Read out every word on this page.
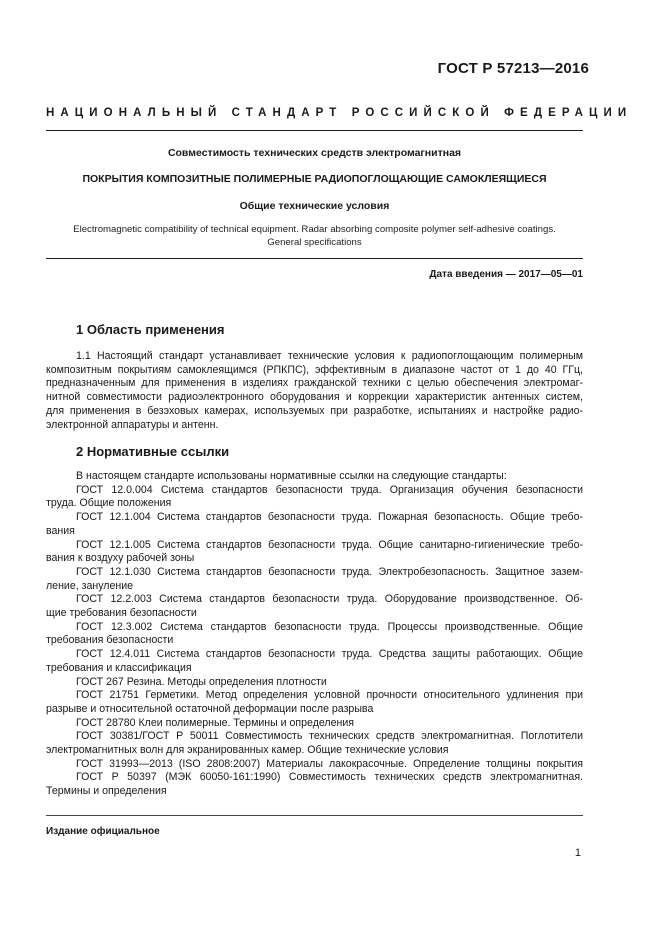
ГОСТ Р 57213—2016
НАЦИОНАЛЬНЫЙ СТАНДАРТ РОССИЙСКОЙ ФЕДЕРАЦИИ
Совместимость технических средств электромагнитная
ПОКРЫТИЯ КОМПОЗИТНЫЕ ПОЛИМЕРНЫЕ РАДИОПОГЛОЩАЮЩИЕ САМОКЛЕЯЩИЕСЯ
Общие технические условия
Electromagnetic compatibility of technical equipment. Radar absorbing composite polymer self-adhesive coatings.
General specifications
Дата введения — 2017—05—01
1 Область применения

1.1 Настоящий стандарт устанавливает технические условия к радиопоглощающим полимерным

композитным покрытиям самоклеящимся (РПКПС), эффективным в диапазоне частот от 1 до 40 ГГц,

предназначенным для применения в изделиях гражданской техники с целью обеспечения электромаг-

нитной совместимости радиоэлектронного оборудования и коррекции характеристик антенных систем,

для применения в безэховых камерах, используемых при разработке, испытаниях и настройке радио-

электронной аппаратуры и антенн.

2 Нормативные ссылки

В настоящем стандарте использованы нормативные ссылки на следующие стандарты:

ГОСТ 12.0.004 Система стандартов безопасности труда. Организация обучения безопасности

труда. Общие положения

ГОСТ 12.1.004 Система стандартов безопасности труда. Пожарная безопасность. Общие требо-

вания

ГОСТ 12.1.005 Система стандартов безопасности труда. Общие санитарно-гигиенические требо-

вания к воздуху рабочей зоны

ГОСТ 12.1.030 Система стандартов безопасности труда. Электробезопасность. Защитное зазем-

ление, зануление

ГОСТ 12.2.003 Система стандартов безопасности труда. Оборудование производственное. Об-

щие требования безопасности

ГОСТ 12.3.002 Система стандартов безопасности труда. Процессы производственные. Общие

требования безопасности

ГОСТ 12.4.011 Система стандартов безопасности труда. Средства защиты работающих. Общие

требования и классификация

ГОСТ 267 Резина. Методы определения плотности

ГОСТ 21751 Герметики. Метод определения условной прочности относительного удлинения при

разрыве и относительной остаточной деформации после разрыва

ГОСТ 28780 Клеи полимерные. Термины и определения

ГОСТ 30381/ГОСТ Р 50011 Совместимость технических средств электромагнитная. Поглотители

электромагнитных волн для экранированных камер. Общие технические условия

ГОСТ 31993—2013 (ISO 2808:2007) Материалы лакокрасочные. Определение толщины покрытия

ГОСТ Р 50397 (МЭК 60050-161:1990) Совместимость технических средств электромагнитная.

Термины и определения

Издание официальное
1
